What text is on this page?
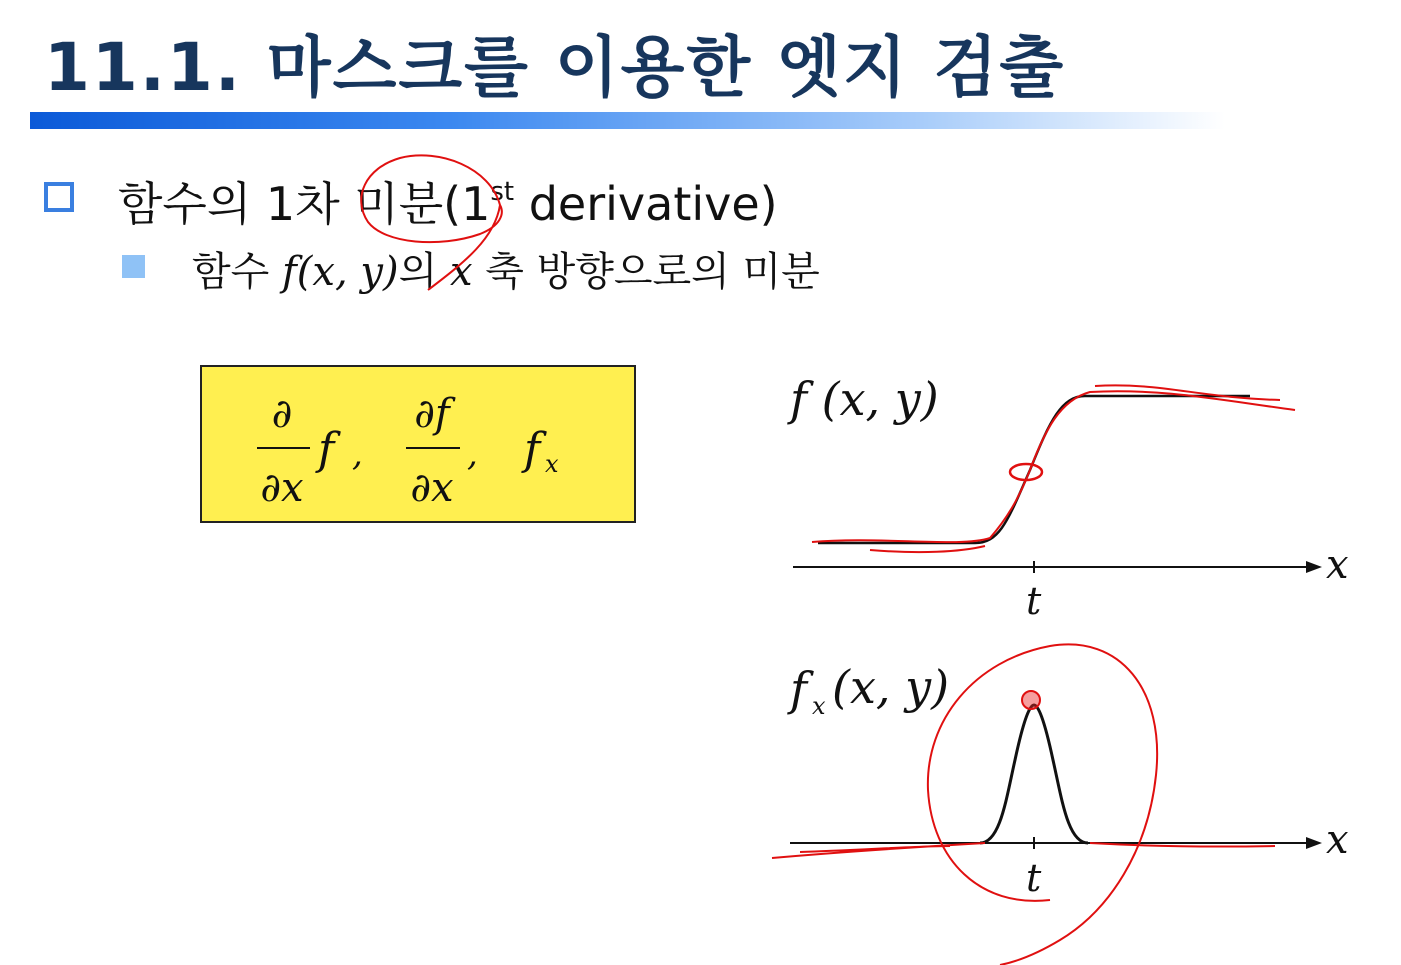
11.1. 마스크를 이용한 엣지 검출
함수의 1차 미분(1st derivative)
함수 f(x, y)의 x 축 방향으로의 미분
∂
∂x
f ,
∂f
∂x
, f x
f (x, y)
x
t
f x (x, y)
x
t
